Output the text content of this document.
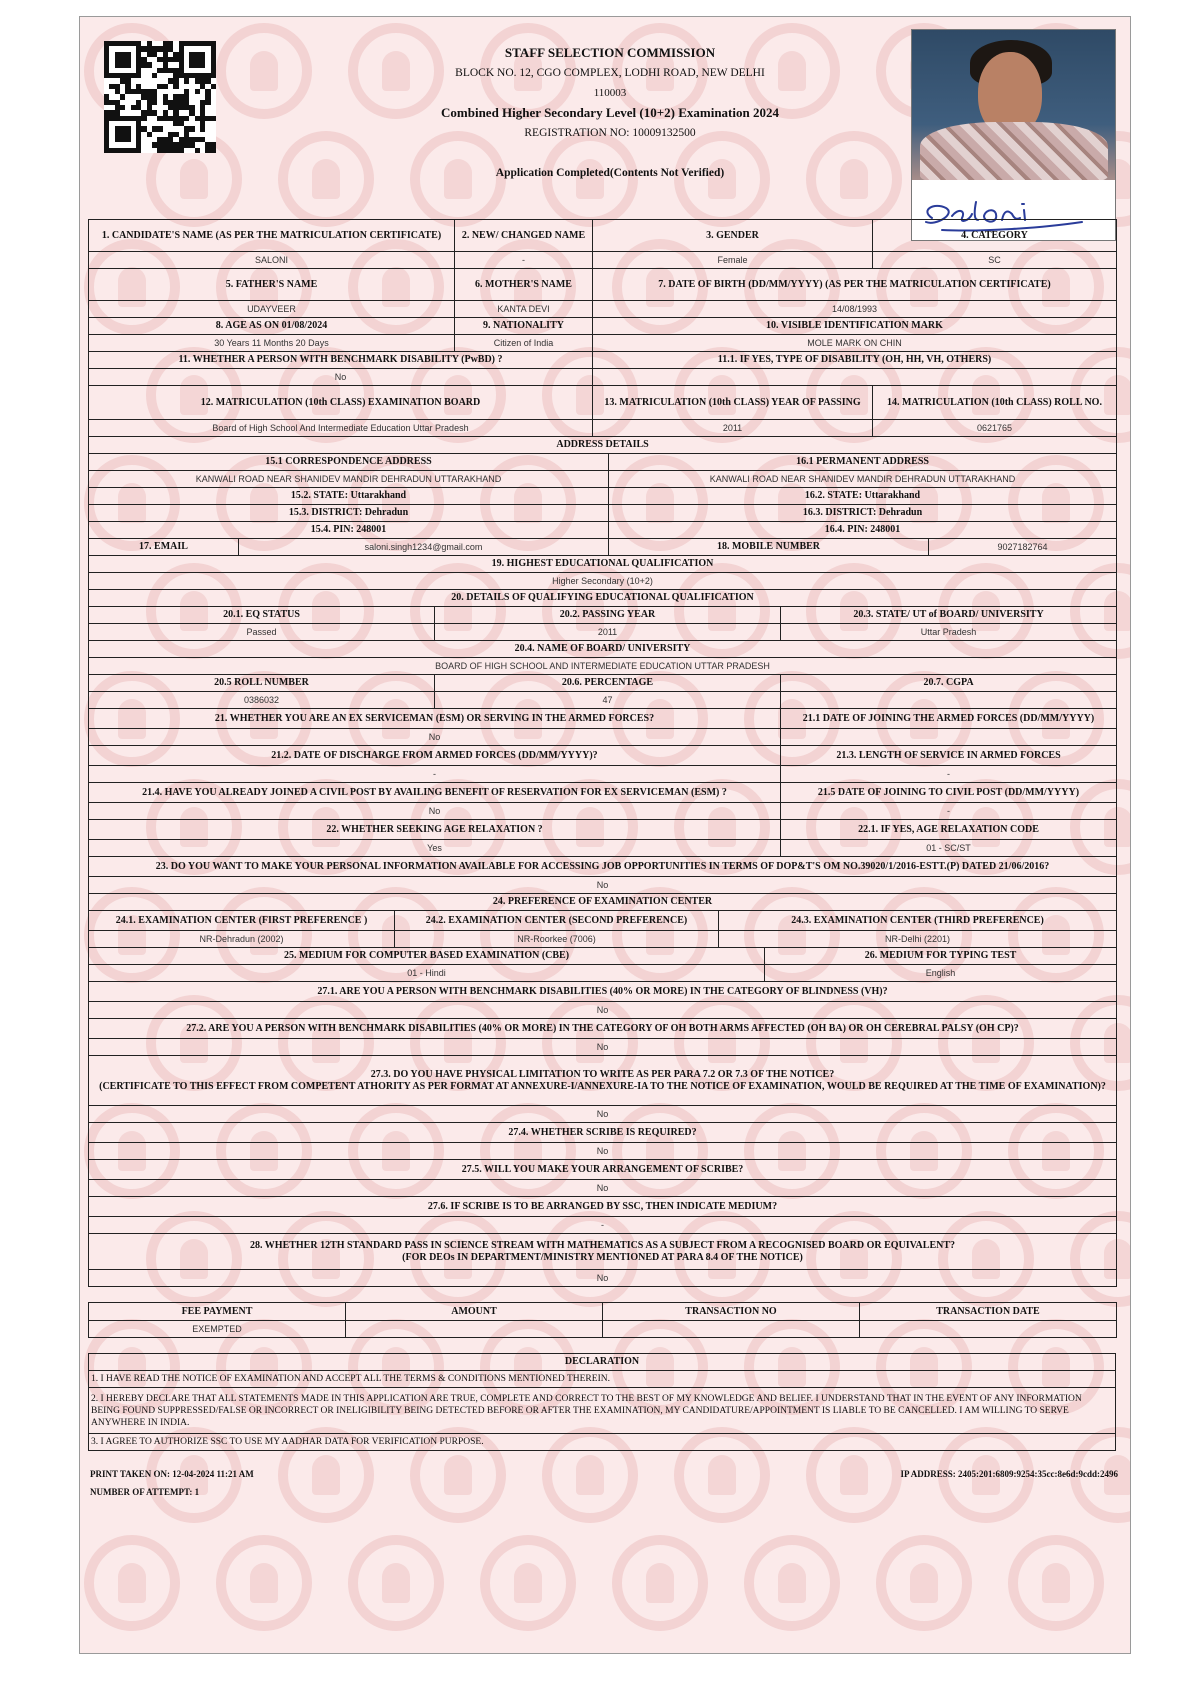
STAFF SELECTION COMMISSION
BLOCK NO. 12, CGO COMPLEX, LODHI ROAD, NEW DELHI
110003
Combined Higher Secondary Level (10+2) Examination 2024
REGISTRATION NO: 10009132500
Application Completed(Contents Not Verified)
1. CANDIDATE'S NAME (AS PER THE MATRICULATION CERTIFICATE)	2. NEW/ CHANGED NAME	3. GENDER	4. CATEGORY
SALONI	-	Female	SC
5. FATHER'S NAME	6. MOTHER'S NAME	7. DATE OF BIRTH (DD/MM/YYYY) (AS PER THE MATRICULATION CERTIFICATE)	
UDAYVEER	KANTA DEVI	14/08/1993	
8. AGE AS ON 01/08/2024	9. NATIONALITY	10. VISIBLE IDENTIFICATION MARK	
30 Years 11 Months 20 Days	Citizen of India	MOLE MARK ON CHIN	
11. WHETHER A PERSON WITH BENCHMARK DISABILITY (PwBD) ?		11.1. IF YES, TYPE OF DISABILITY (OH, HH, VH, OTHERS)	
No			
12. MATRICULATION (10th CLASS) EXAMINATION BOARD		13. MATRICULATION (10th CLASS) YEAR OF PASSING	14. MATRICULATION (10th CLASS) ROLL NO.
Board of High School And Intermediate Education Uttar Pradesh		2011	0621765
ADDRESS DETAILS			
15.1 CORRESPONDENCE ADDRESS		16.1 PERMANENT ADDRESS	
KANWALI ROAD NEAR SHANIDEV MANDIR DEHRADUN UTTARAKHAND		KANWALI ROAD NEAR SHANIDEV MANDIR DEHRADUN UTTARAKHAND	
15.2. STATE: Uttarakhand		16.2. STATE: Uttarakhand	
15.3. DISTRICT: Dehradun		16.3. DISTRICT: Dehradun	
15.4. PIN: 248001		16.4. PIN: 248001	
17. EMAIL	saloni.singh1234@gmail.com	18. MOBILE NUMBER	9027182764
19. HIGHEST EDUCATIONAL QUALIFICATION		
Higher Secondary (10+2)		
20. DETAILS OF QUALIFYING EDUCATIONAL QUALIFICATION		
20.1. EQ STATUS	20.2. PASSING YEAR	20.3. STATE/ UT of BOARD/ UNIVERSITY
Passed	2011	Uttar Pradesh
20.4. NAME OF BOARD/ UNIVERSITY		
BOARD OF HIGH SCHOOL AND INTERMEDIATE EDUCATION UTTAR PRADESH		
20.5 ROLL NUMBER	20.6. PERCENTAGE	20.7. CGPA
0386032	47	
21. WHETHER YOU ARE AN EX SERVICEMAN (ESM) OR SERVING IN THE ARMED FORCES?	21.1 DATE OF JOINING THE ARMED FORCES (DD/MM/YYYY)
No	
21.2. DATE OF DISCHARGE FROM ARMED FORCES (DD/MM/YYYY)?	21.3. LENGTH OF SERVICE IN ARMED FORCES
-	-
21.4. HAVE YOU ALREADY JOINED A CIVIL POST BY AVAILING BENEFIT OF RESERVATION FOR EX SERVICEMAN (ESM) ?	21.5 DATE OF JOINING TO CIVIL POST (DD/MM/YYYY)
No	-
22. WHETHER SEEKING AGE RELAXATION ?	22.1. IF YES, AGE RELAXATION CODE
Yes	01 - SC/ST
23. DO YOU WANT TO MAKE YOUR PERSONAL INFORMATION AVAILABLE FOR ACCESSING JOB OPPORTUNITIES IN TERMS OF DOP&T'S OM NO.39020/1/2016-ESTT.(P) DATED 21/06/2016?	
No	
24. PREFERENCE OF EXAMINATION CENTER		
24.1. EXAMINATION CENTER (FIRST PREFERENCE )	24.2. EXAMINATION CENTER (SECOND PREFERENCE)	24.3. EXAMINATION CENTER (THIRD PREFERENCE)
NR-Dehradun (2002)	NR-Roorkee (7006)	NR-Delhi (2201)
25. MEDIUM FOR COMPUTER BASED EXAMINATION (CBE)	26. MEDIUM FOR TYPING TEST
01 - Hindi	English
27.1. ARE YOU A PERSON WITH BENCHMARK DISABILITIES (40% OR MORE) IN THE CATEGORY OF BLINDNESS (VH)?	
No	
27.2. ARE YOU A PERSON WITH BENCHMARK DISABILITIES (40% OR MORE) IN THE CATEGORY OF OH BOTH ARMS AFFECTED (OH BA) OR OH CEREBRAL PALSY (OH CP)?	
No	

27.3. DO YOU HAVE PHYSICAL LIMITATION TO WRITE AS PER PARA 7.2 OR 7.3 OF THE NOTICE?
(CERTIFICATE TO THIS EFFECT FROM COMPETENT ATHORITY AS PER FORMAT AT ANNEXURE-I/ANNEXURE-IA TO THE NOTICE OF EXAMINATION, WOULD BE REQUIRED AT THE TIME OF EXAMINATION)?	

No	
27.4. WHETHER SCRIBE IS REQUIRED?	
No	
27.5. WILL YOU MAKE YOUR ARRANGEMENT OF SCRIBE?	
No	
27.6. IF SCRIBE IS TO BE ARRANGED BY SSC, THEN INDICATE MEDIUM?	
-	

28. WHETHER 12TH STANDARD PASS IN SCIENCE STREAM WITH MATHEMATICS AS A SUBJECT FROM A RECOGNISED BOARD OR EQUIVALENT?
(FOR DEOs IN DEPARTMENT/MINISTRY MENTIONED AT PARA 8.4 OF THE NOTICE)	

No	
FEE PAYMENT	AMOUNT	TRANSACTION NO	TRANSACTION DATE
EXEMPTED			
DECLARATION
1. I HAVE READ THE NOTICE OF EXAMINATION AND ACCEPT ALL THE TERMS & CONDITIONS MENTIONED THEREIN.
2. I HEREBY DECLARE THAT ALL STATEMENTS MADE IN THIS APPLICATION ARE TRUE, COMPLETE AND CORRECT TO THE BEST OF MY KNOWLEDGE AND BELIEF. I UNDERSTAND THAT IN THE EVENT OF ANY INFORMATION BEING FOUND SUPPRESSED/FALSE OR INCORRECT OR INELIGIBILITY BEING DETECTED BEFORE OR AFTER THE EXAMINATION, MY CANDIDATURE/APPOINTMENT IS LIABLE TO BE CANCELLED. I AM WILLING TO SERVE ANYWHERE IN INDIA.
3. I AGREE TO AUTHORIZE SSC TO USE MY AADHAR DATA FOR VERIFICATION PURPOSE.
PRINT TAKEN ON: 12-04-2024 11:21 AM
NUMBER OF ATTEMPT: 1
IP ADDRESS: 2405:201:6809:9254:35cc:8e6d:9cdd:2496
